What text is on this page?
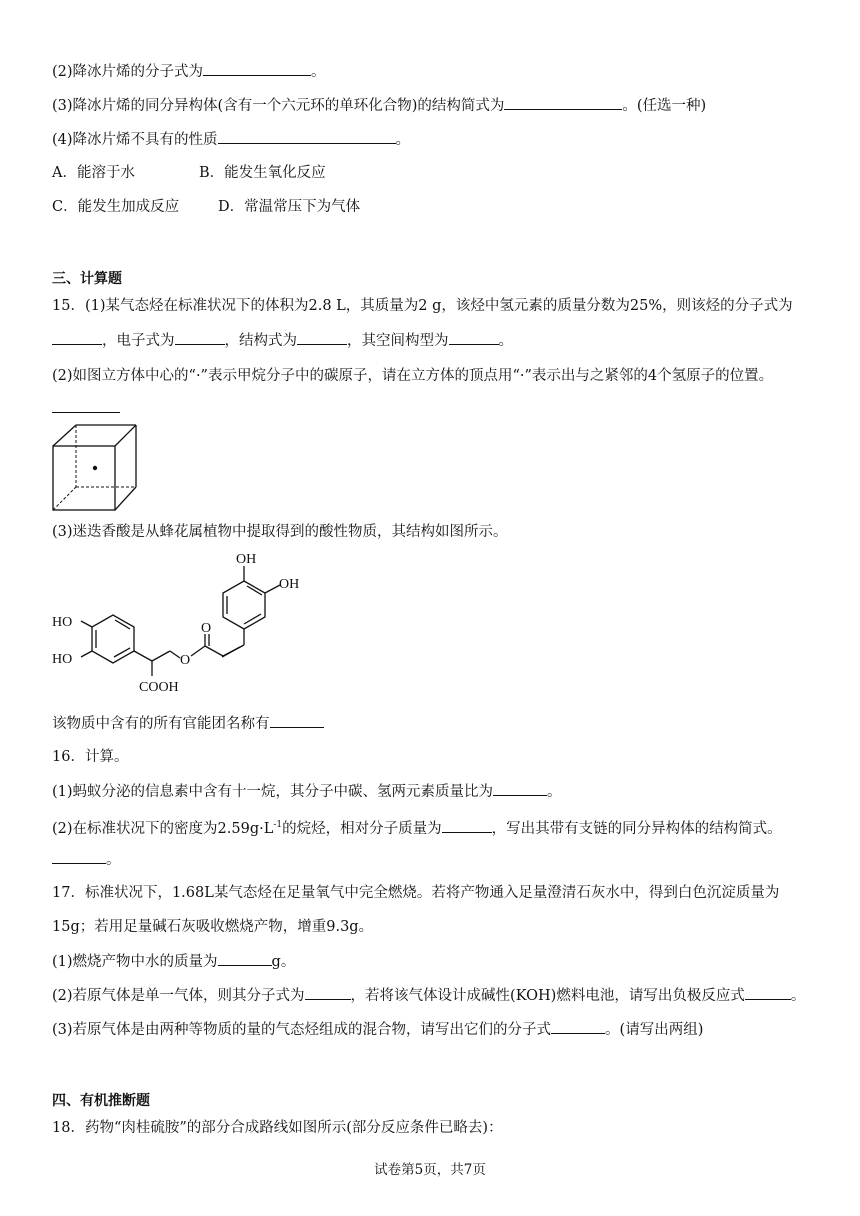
(2)降冰片烯的分子式为	。
(3)降冰片烯的同分异构体(含有一个六元环的单环化合物)的结构简式为	。(任选一种)
(4)降冰片烯不具有的性质	。
A．能溶于水	B．能发生氧化反应
C．能发生加成反应	D．常温常压下为气体
三、计算题
15．(1)某气态烃在标准状况下的体积为2.8 L，其质量为2 g，该烃中氢元素的质量分数为25%，则该烃的分子式为
，电子式为	，结构式为	，其空间构型为	。
(2)如图立方体中心的“·”表示甲烷分子中的碳原子，请在立方体的顶点用“·”表示出与之紧邻的4个氢原子的位置。
(3)迷迭香酸是从蜂花属植物中提取得到的酸性物质，其结构如图所示。
OH
OH
HO
HO
O
O
COOH
该物质中含有的所有官能团名称有
16．计算。
(1)蚂蚁分泌的信息素中含有十一烷，其分子中碳、氢两元素质量比为	。
(2)在标准状况下的密度为$2.59g\cdot L^{-1}$的烷烃，相对分子质量为	，写出其带有支链的同分异构体的结构简式。
。
17．标准状况下，1.68L某气态烃在足量氧气中完全燃烧。若将产物通入足量澄清石灰水中，得到白色沉淀质量为
15g；若用足量碱石灰吸收燃烧产物，增重9.3g。
(1)燃烧产物中水的质量为	g。
(2)若原气体是单一气体，则其分子式为	，若将该气体设计成碱性(KOH)燃料电池，请写出负极反应式	。
(3)若原气体是由两种等物质的量的气态烃组成的混合物，请写出它们的分子式	。(请写出两组)
四、有机推断题
18．药物“肉桂硫胺”的部分合成路线如图所示(部分反应条件已略去)：
试卷第5页，共7页
